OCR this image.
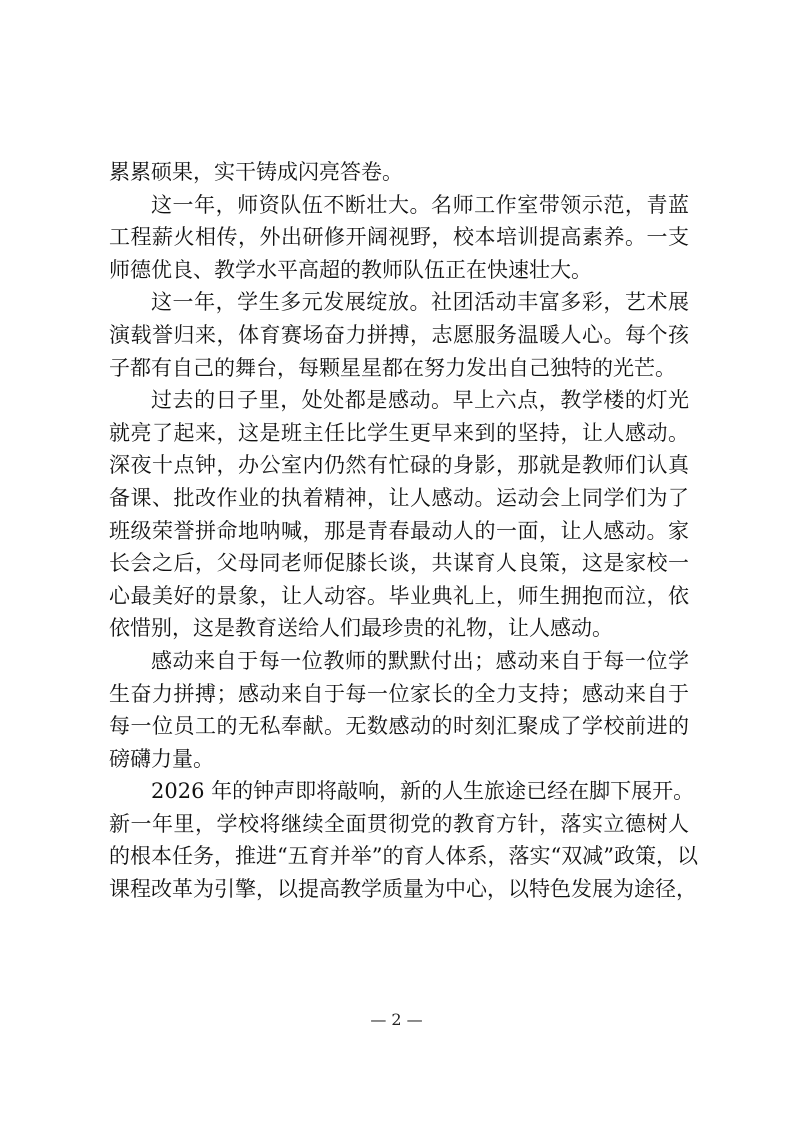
累累硕果，实干铸成闪亮答卷。
这一年，师资队伍不断壮大。名师工作室带领示范，青蓝
工程薪火相传，外出研修开阔视野，校本培训提高素养。一支
师德优良、教学水平高超的教师队伍正在快速壮大。
这一年，学生多元发展绽放。社团活动丰富多彩，艺术展
演载誉归来，体育赛场奋力拼搏，志愿服务温暖人心。每个孩
子都有自己的舞台，每颗星星都在努力发出自己独特的光芒。
过去的日子里，处处都是感动。早上六点，教学楼的灯光
就亮了起来，这是班主任比学生更早来到的坚持，让人感动。
深夜十点钟，办公室内仍然有忙碌的身影，那就是教师们认真
备课、批改作业的执着精神，让人感动。运动会上同学们为了
班级荣誉拼命地呐喊，那是青春最动人的一面，让人感动。家
长会之后，父母同老师促膝长谈，共谋育人良策，这是家校一
心最美好的景象，让人动容。毕业典礼上，师生拥抱而泣，依
依惜别，这是教育送给人们最珍贵的礼物，让人感动。
感动来自于每一位教师的默默付出；感动来自于每一位学
生奋力拼搏；感动来自于每一位家长的全力支持；感动来自于
每一位员工的无私奉献。无数感动的时刻汇聚成了学校前进的
磅礴力量。
2026 年的钟声即将敲响，新的人生旅途已经在脚下展开。
新一年里，学校将继续全面贯彻党的教育方针，落实立德树人
的根本任务，推进“五育并举”的育人体系，落实“双减”政策，以
课程改革为引擎，以提高教学质量为中心，以特色发展为途径，
— 2 —
